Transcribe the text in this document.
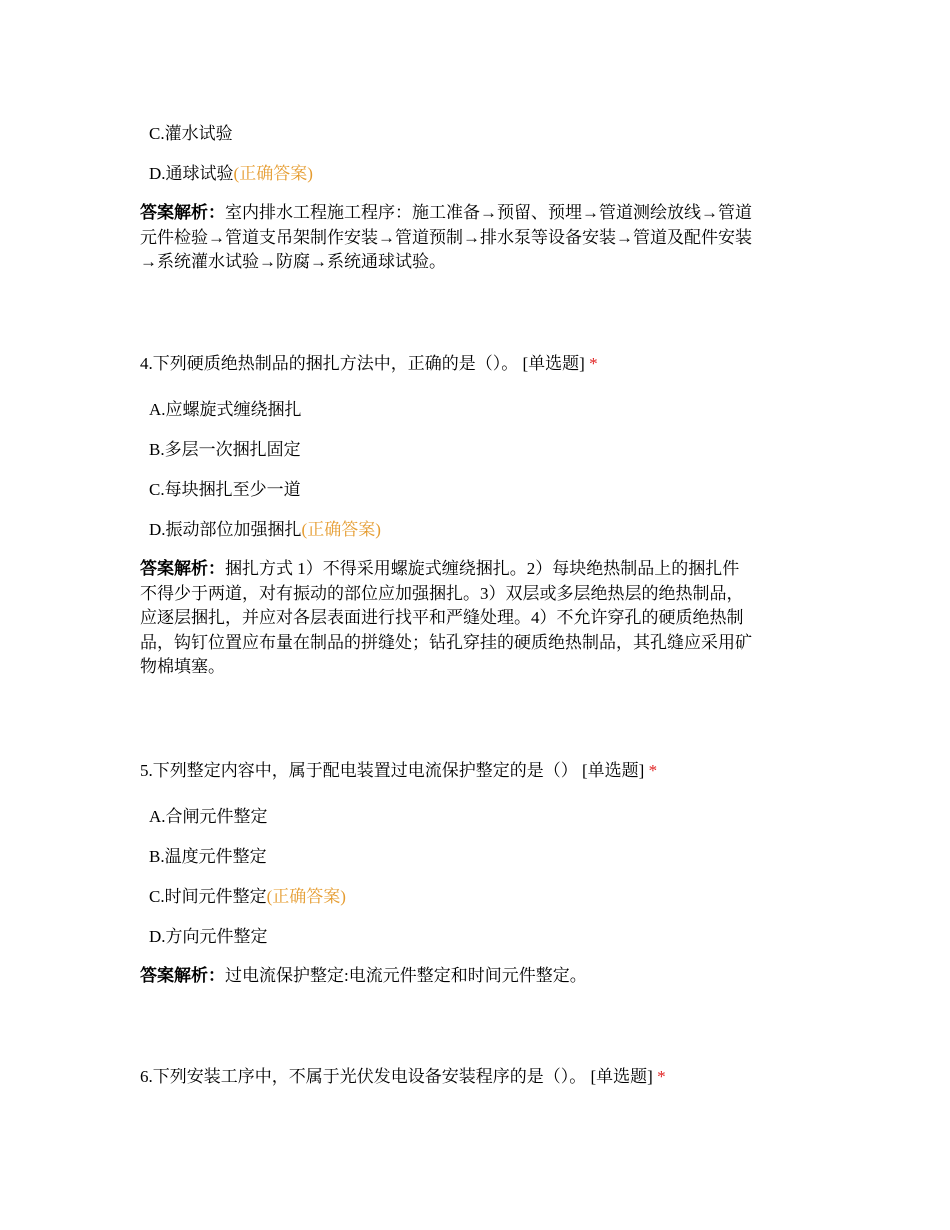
C.灌水试验
D.通球试验(正确答案)

答案解析：室内排水工程施工程序：施工准备→预留、预埋→管道测绘放线→管道

元件检验→管道支吊架制作安装→管道预制→排水泵等设备安装→管道及配件安装

→系统灌水试验→防腐→系统通球试验。

4.下列硬质绝热制品的捆扎方法中，正确的是（）。 [单选题] *
A.应螺旋式缠绕捆扎
B.多层一次捆扎固定
C.每块捆扎至少一道
D.振动部位加强捆扎(正确答案)

答案解析：捆扎方式 1）不得采用螺旋式缠绕捆扎。2）每块绝热制品上的捆扎件

不得少于两道，对有振动的部位应加强捆扎。3）双层或多层绝热层的绝热制品，

应逐层捆扎，并应对各层表面进行找平和严缝处理。4）不允许穿孔的硬质绝热制

品，钩钉位置应布量在制品的拼缝处；钻孔穿挂的硬质绝热制品，其孔缝应采用矿

物棉填塞。

5.下列整定内容中，属于配电装置过电流保护整定的是（） [单选题] *
A.合闸元件整定
B.温度元件整定
C.时间元件整定(正确答案)
D.方向元件整定

答案解析：过电流保护整定:电流元件整定和时间元件整定。

6.下列安装工序中，不属于光伏发电设备安装程序的是（）。 [单选题] *
